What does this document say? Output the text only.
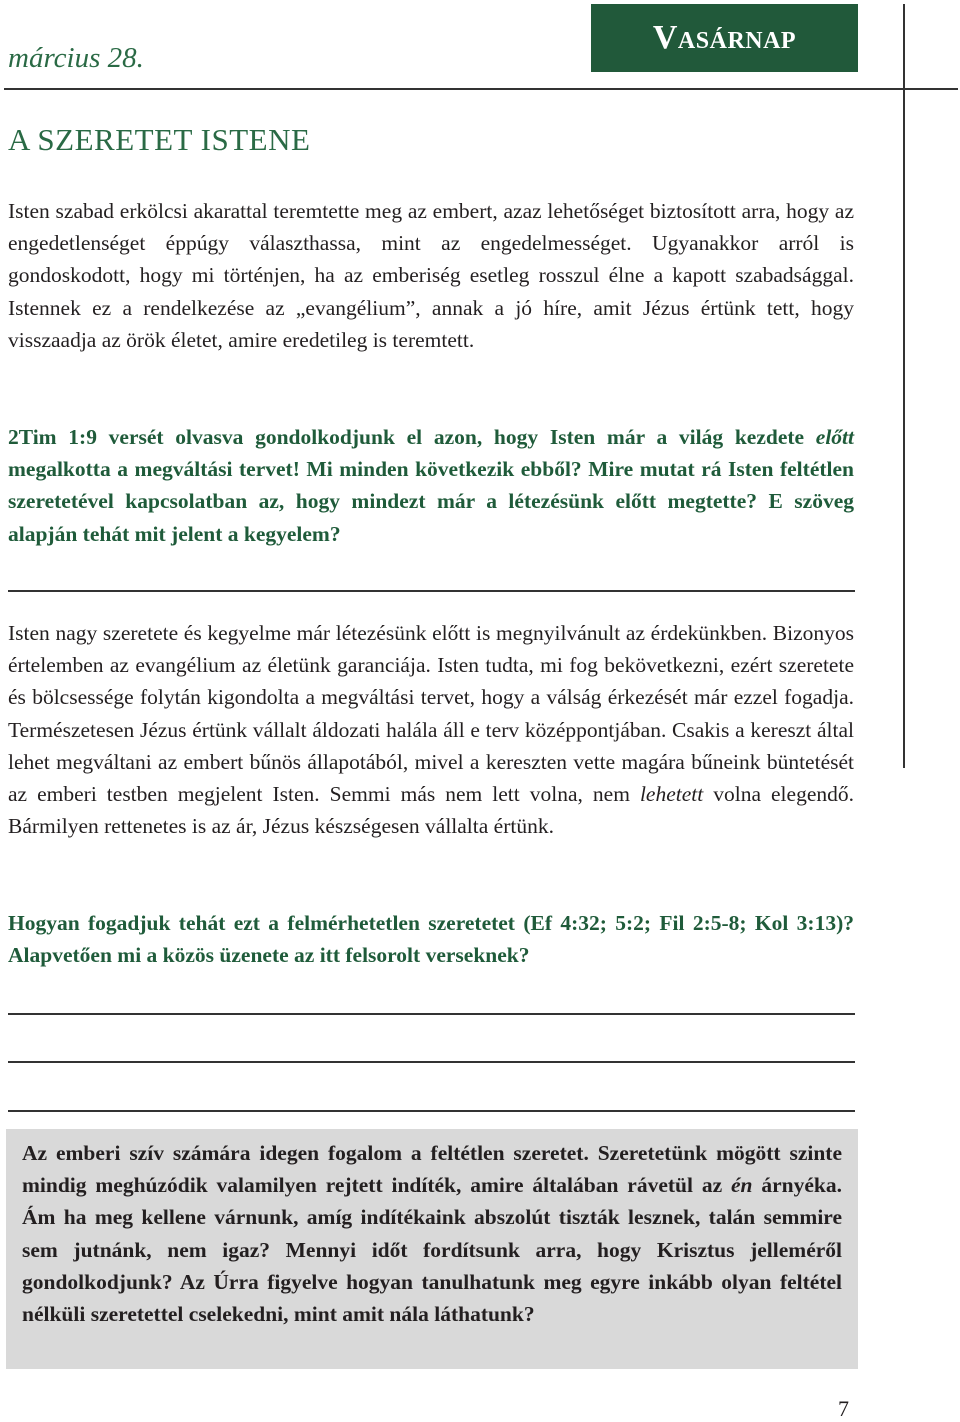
március 28.
Vasárnap
A SZERETET ISTENE
Isten szabad erkölcsi akarattal teremtette meg az embert, azaz lehetőséget biztosított arra, hogy az engedetlenséget éppúgy választhassa, mint az engedelmességet. Ugyanakkor arról is gondoskodott, hogy mi történjen, ha az emberiség esetleg rosszul élne a kapott szabadsággal. Istennek ez a rendelkezése az „evangélium”, annak a jó híre, amit Jézus értünk tett, hogy visszaadja az örök életet, amire eredetileg is teremtett.
2Tim 1:9 versét olvasva gondolkodjunk el azon, hogy Isten már a világ kezdete előtt megalkotta a megváltási tervet! Mi minden következik ebből? Mire mutat rá Isten feltétlen szeretetével kapcsolatban az, hogy mindezt már a létezésünk előtt megtette? E szöveg alapján tehát mit jelent a kegyelem?
Isten nagy szeretete és kegyelme már létezésünk előtt is megnyilvánult az érdekünkben. Bizonyos értelemben az evangélium az életünk garanciája. Isten tudta, mi fog bekövetkezni, ezért szeretete és bölcsessége folytán kigondolta a megváltási tervet, hogy a válság érkezését már ezzel fogadja. Természetesen Jézus értünk vállalt áldozati halála áll e terv középpontjában. Csakis a kereszt által lehet megváltani az embert bűnös állapotából, mivel a kereszten vette magára bűneink büntetését az emberi testben megjelent Isten. Semmi más nem lett volna, nem lehetett volna elegendő. Bármilyen rettenetes is az ár, Jézus készségesen vállalta értünk.
Hogyan fogadjuk tehát ezt a felmérhetetlen szeretetet (Ef 4:32; 5:2; Fil 2:5-8; Kol 3:13)? Alapvetően mi a közös üzenete az itt felsorolt verseknek?
Az emberi szív számára idegen fogalom a feltétlen szeretet. Szeretetünk mögött szinte mindig meghúzódik valamilyen rejtett indíték, amire általában rávetül az én árnyéka. Ám ha meg kellene várnunk, amíg indítékaink abszolút tiszták lesznek, talán semmire sem jutnánk, nem igaz? Mennyi időt fordítsunk arra, hogy Krisztus jelleméről gondolkodjunk? Az Úrra figyelve hogyan tanulhatunk meg egyre inkább olyan feltétel nélküli szeretettel cselekedni, mint amit nála láthatunk?
7
